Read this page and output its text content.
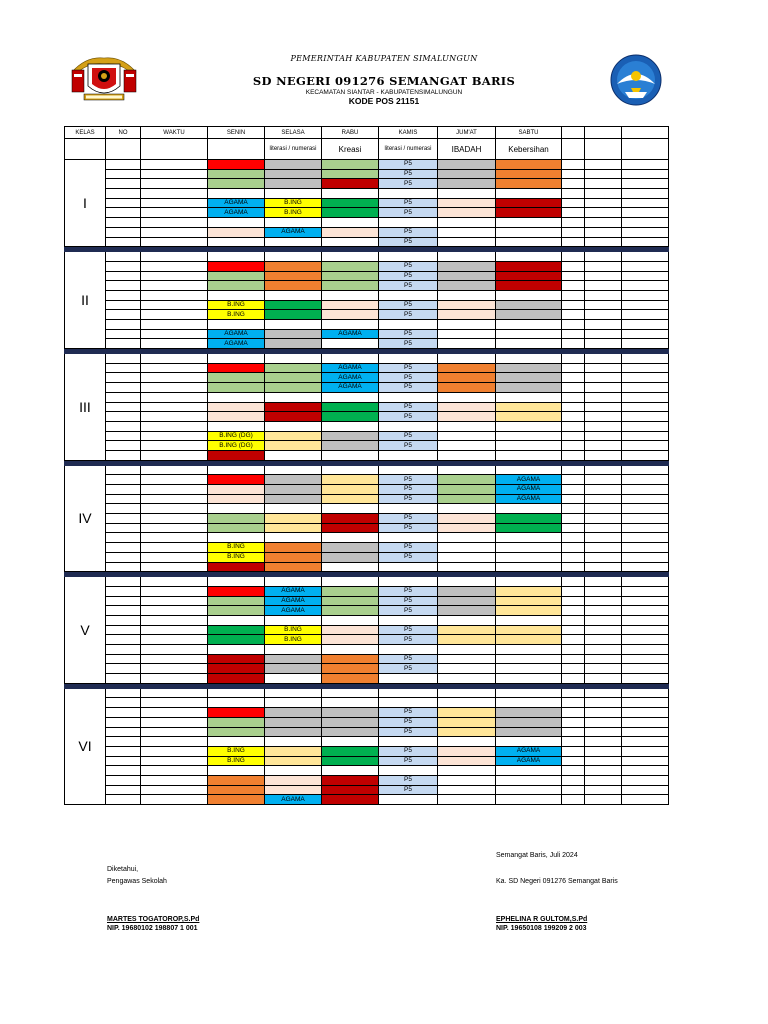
PEMERINTAH KABUPATEN SIMALUNGUN
SD NEGERI 091276 SEMANGAT BARIS
KECAMATAN SIANTAR - KABUPATENSIMALUNGUN
KODE POS 21151
KELAS	NO	WAKTU	SENIN	SELASA	RABU	KAMIS	JUM'AT	SABTU			
				literasi / numerasi	Kreasi	literasi / numerasi	IBADAH	Kebersihan			
I						P5					
						P5					
						P5					

			AGAMA	B.ING		P5					
			AGAMA	B.ING		P5					

				AGAMA		P5					
						P5					

II											
						P5					
						P5					
						P5					

			B.ING			P5					
			B.ING			P5					

			AGAMA		AGAMA	P5					
			AGAMA			P5					

III											
					AGAMA	P5					
					AGAMA	P5					
					AGAMA	P5					

						P5					
						P5					

			B.ING (DG)			P5					
			B.ING (DG)			P5					

IV											
						P5		AGAMA			
						P5		AGAMA			
						P5		AGAMA			

						P5					
						P5					

			B.ING			P5					
			B.ING			P5					

V											
				AGAMA		P5					
				AGAMA		P5					
				AGAMA		P5					

				B.ING		P5					
				B.ING		P5					

						P5					
						P5					

VI											

						P5					
						P5					
						P5					

			B.ING			P5		AGAMA			
			B.ING			P5		AGAMA			

						P5					
						P5					
				AGAMA							
Semangat Baris, Juli 2024
Diketahui,
Pengawas Sekolah	Ka. SD Negeri 091276 Semangat Baris
MARTES TOGATOROP,S.Pd
NIP. 19680102 198807 1 001
EPHELINA R GULTOM,S.Pd
NIP. 19650108 199209 2 003
